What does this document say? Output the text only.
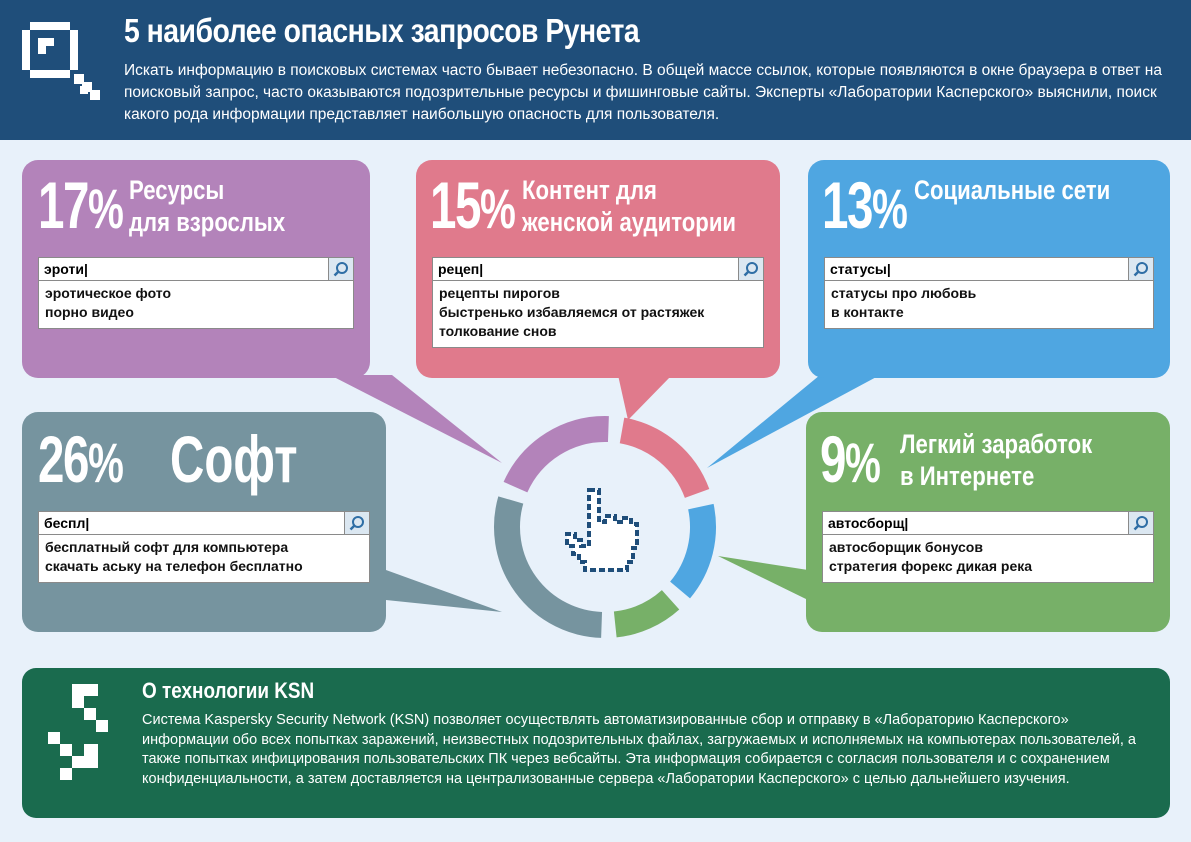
5 наиболее опасных запросов Рунета
Искать информацию в поисковых системах часто бывает небезопасно. В общей массе ссылок, которые появляются в окне браузера в ответ на поисковый запрос, часто оказываются подозрительные ресурсы и фишинговые сайты. Эксперты «Лаборатории Касперского» выяснили, поиск какого рода информации представляет наибольшую опасность для пользователя.
17% Ресурсы
для взрослых
эроти|
эротическое фото
порно видео
15% Контент для
женской аудитории
рецеп|
рецепты пирогов
быстренько избавляемся от растяжек
толкование снов
13% Социальные сети
статусы|
статусы про любовь
в контакте
26% Софт
беспл|
бесплатный софт для компьютера
скачать аську на телефон бесплатно
9% Легкий заработок
в Интернете
автосборщ|
автосборщик бонусов
стратегия форекс дикая река
О технологии KSN
Система Kaspersky Security Network (KSN) позволяет осуществлять автоматизированные сбор и отправку в «Лабораторию Касперского» информации обо всех попытках заражений, неизвестных подозрительных файлах, загружаемых и исполняемых на компьютерах пользователей, а также попытках инфицирования пользовательских ПК через вебсайты. Эта информация собирается с согласия пользователя и с сохранением конфиденциальности, а затем доставляется на централизованные сервера «Лаборатории Касперского» с целью дальнейшего изучения.
